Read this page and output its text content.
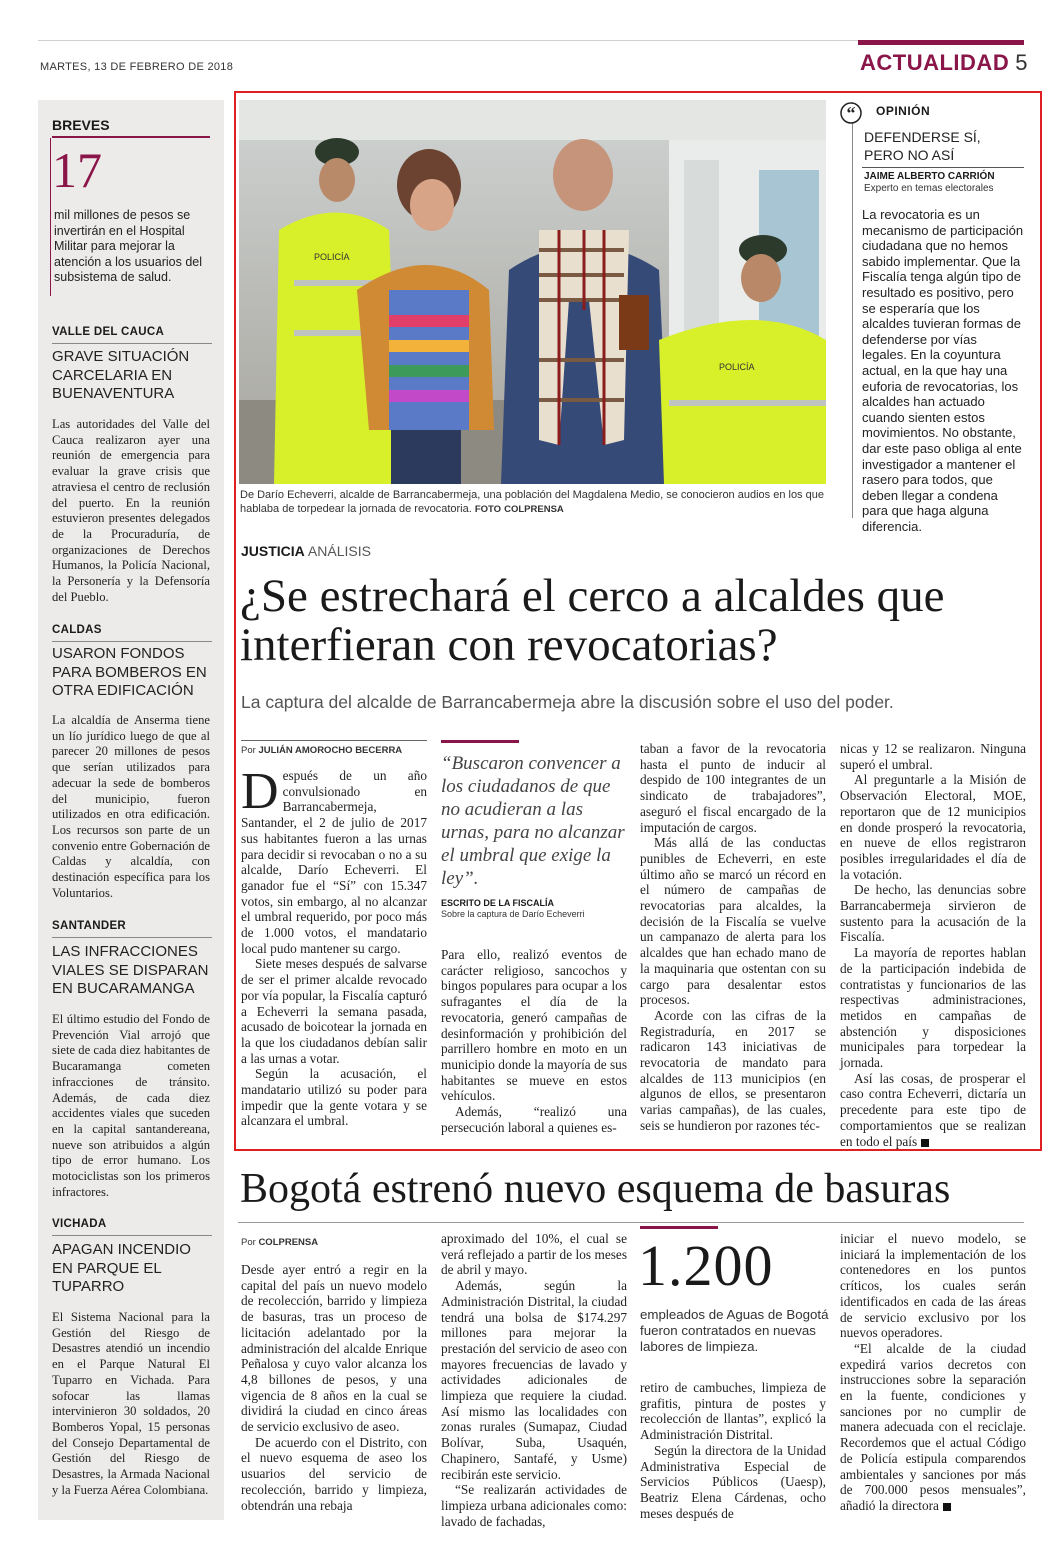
MARTES, 13 DE FEBRERO DE 2018	ACTUALIDAD 5
BREVES
17
mil millones de pesos se invertirán en el Hospital Militar para mejorar la atención a los usuarios del subsistema de salud.
VALLE DEL CAUCA
GRAVE SITUACIÓN CARCELARIA EN BUENAVENTURA
Las autoridades del Valle del Cauca realizaron ayer una reunión de emergencia para evaluar la grave crisis que atraviesa el centro de reclusión del puerto. En la reunión estuvieron presentes delegados de la Procuraduría, de organizaciones de Derechos Humanos, la Policía Nacional, la Personería y la Defensoría del Pueblo.
CALDAS
USARON FONDOS PARA BOMBEROS EN OTRA EDIFICACIÓN
La alcaldía de Anserma tiene un lío jurídico luego de que al parecer 20 millones de pesos que serían utilizados para adecuar la sede de bomberos del municipio, fueron utilizados en otra edificación. Los recursos son parte de un convenio entre Gobernación de Caldas y alcaldía, con destinación específica para los Voluntarios.
SANTANDER
LAS INFRACCIONES VIALES SE DISPARAN EN BUCARAMANGA
El último estudio del Fondo de Prevención Vial arrojó que siete de cada diez habitantes de Bucaramanga cometen infracciones de tránsito. Además, de cada diez accidentes viales que suceden en la capital santandereana, nueve son atribuidos a algún tipo de error humano. Los motociclistas son los primeros infractores.
VICHADA
APAGAN INCENDIO EN PARQUE EL TUPARRO
El Sistema Nacional para la Gestión del Riesgo de Desastres atendió un incendio en el Parque Natural El Tuparro en Vichada. Para sofocar las llamas intervinieron 30 soldados, 20 Bomberos Yopal, 15 personas del Consejo Departamental de Gestión del Riesgo de Desastres, la Armada Nacional y la Fuerza Aérea Colombiana.
POLICÍA
POLICÍA
De Darío Echeverri, alcalde de Barrancabermeja, una población del Magdalena Medio, se conocieron audios en los que hablaba de torpedear la jornada de revocatoria. FOTO COLPRENSA
“ OPINIÓN
DEFENDERSE SÍ, PERO NO ASÍ
JAIME ALBERTO CARRIÓN
Experto en temas electorales
La revocatoria es un mecanismo de participación ciudadana que no hemos sabido implementar. Que la Fiscalía tenga algún tipo de resultado es positivo, pero se esperaría que los alcaldes tuvieran formas de defenderse por vías legales. En la coyuntura actual, en la que hay una euforia de revocatorias, los alcaldes han actuado cuando sienten estos movimientos. No obstante, dar este paso obliga al ente investigador a mantener el rasero para todos, que deben llegar a condena para que haga alguna diferencia.
JUSTICIA ANÁLISIS
¿Se estrechará el cerco a alcaldes que interfieran con revocatorias?
La captura del alcalde de Barrancabermeja abre la discusión sobre el uso del poder.
Por JULIÁN AMOROCHO BECERRA

Después de un año convulsionado en Barrancabermeja, Santander, el 2 de julio de 2017 sus habitantes fueron a las urnas para decidir si revocaban o no a su alcalde, Darío Echeverri. El ganador fue el “Sí” con 15.347 votos, sin embargo, al no alcanzar el umbral requerido, por poco más de 1.000 votos, el mandatario local pudo mantener su cargo.

Siete meses después de salvarse de ser el primer alcalde revocado por vía popular, la Fiscalía capturó a Echeverri la semana pasada, acusado de boicotear la jornada en la que los ciudadanos debían salir a las urnas a votar.

Según la acusación, el mandatario utilizó su poder para impedir que la gente votara y se alcanzara el umbral.

“Buscaron convencer a los ciudadanos de que no acudieran a las urnas, para no alcanzar el umbral que exige la ley”.
ESCRITO DE LA FISCALÍA
Sobre la captura de Darío Echeverri

Para ello, realizó eventos de carácter religioso, sancochos y bingos populares para ocupar a los sufragantes el día de la revocatoria, generó campañas de desinformación y prohibición del parrillero hombre en moto en un municipio donde la mayoría de sus habitantes se mueve en estos vehículos.

Además, “realizó una persecución laboral a quienes es-

taban a favor de la revocatoria hasta el punto de inducir al despido de 100 integrantes de un sindicato de trabajadores”, aseguró el fiscal encargado de la imputación de cargos.

Más allá de las conductas punibles de Echeverri, en este último año se marcó un récord en el número de campañas de revocatorias para alcaldes, la decisión de la Fiscalía se vuelve un campanazo de alerta para los alcaldes que han echado mano de la maquinaria que ostentan con su cargo para desalentar estos procesos.

Acorde con las cifras de la Registraduría, en 2017 se radicaron 143 iniciativas de revocatoria de mandato para alcaldes de 113 municipios (en algunos de ellos, se presentaron varias campañas), de las cuales, seis se hundieron por razones téc-

nicas y 12 se realizaron. Ninguna superó el umbral.

Al preguntarle a la Misión de Observación Electoral, MOE, reportaron que de 12 municipios en donde prosperó la revocatoria, en nueve de ellos registraron posibles irregularidades el día de la votación.

De hecho, las denuncias sobre Barrancabermeja sirvieron de sustento para la acusación de la Fiscalía.

La mayoría de reportes hablan de la participación indebida de contratistas y funcionarios de las respectivas administraciones, metidos en campañas de abstención y disposiciones municipales para torpedear la jornada.

Así las cosas, de prosperar el caso contra Echeverri, dictaría un precedente para este tipo de comportamientos que se realizan en todo el país

Bogotá estrenó nuevo esquema de basuras
Por COLPRENSA

Desde ayer entró a regir en la capital del país un nuevo modelo de recolección, barrido y limpieza de basuras, tras un proceso de licitación adelantado por la administración del alcalde Enrique Peñalosa y cuyo valor alcanza los 4,8 billones de pesos, y una vigencia de 8 años en la cual se dividirá la ciudad en cinco áreas de servicio exclusivo de aseo.

De acuerdo con el Distrito, con el nuevo esquema de aseo los usuarios del servicio de recolección, barrido y limpieza, obtendrán una rebaja

aproximado del 10%, el cual se verá reflejado a partir de los meses de abril y mayo.

Además, según la Administración Distrital, la ciudad tendrá una bolsa de $174.297 millones para mejorar la prestación del servicio de aseo con mayores frecuencias de lavado y actividades adicionales de limpieza que requiere la ciudad. Así mismo las localidades con zonas rurales (Sumapaz, Ciudad Bolívar, Suba, Usaquén, Chapinero, Santafé, y Usme) recibirán este servicio.

“Se realizarán actividades de limpieza urbana adicionales como: lavado de fachadas,

1.200
empleados de Aguas de Bogotá fueron contratados en nuevas labores de limpieza.

retiro de cambuches, limpieza de grafitis, pintura de postes y recolección de llantas”, explicó la Administración Distrital.

Según la directora de la Unidad Administrativa Especial de Servicios Públicos (Uaesp), Beatriz Elena Cárdenas, ocho meses después de

iniciar el nuevo modelo, se iniciará la implementación de los contenedores en los puntos críticos, los cuales serán identificados en cada de las áreas de servicio exclusivo por los nuevos operadores.

“El alcalde de la ciudad expedirá varios decretos con instrucciones sobre la separación en la fuente, condiciones y sanciones por no cumplir de manera adecuada con el reciclaje. Recordemos que el actual Código de Policía estipula comparendos ambientales y sanciones por más de 700.000 pesos mensuales”, añadió la directora
